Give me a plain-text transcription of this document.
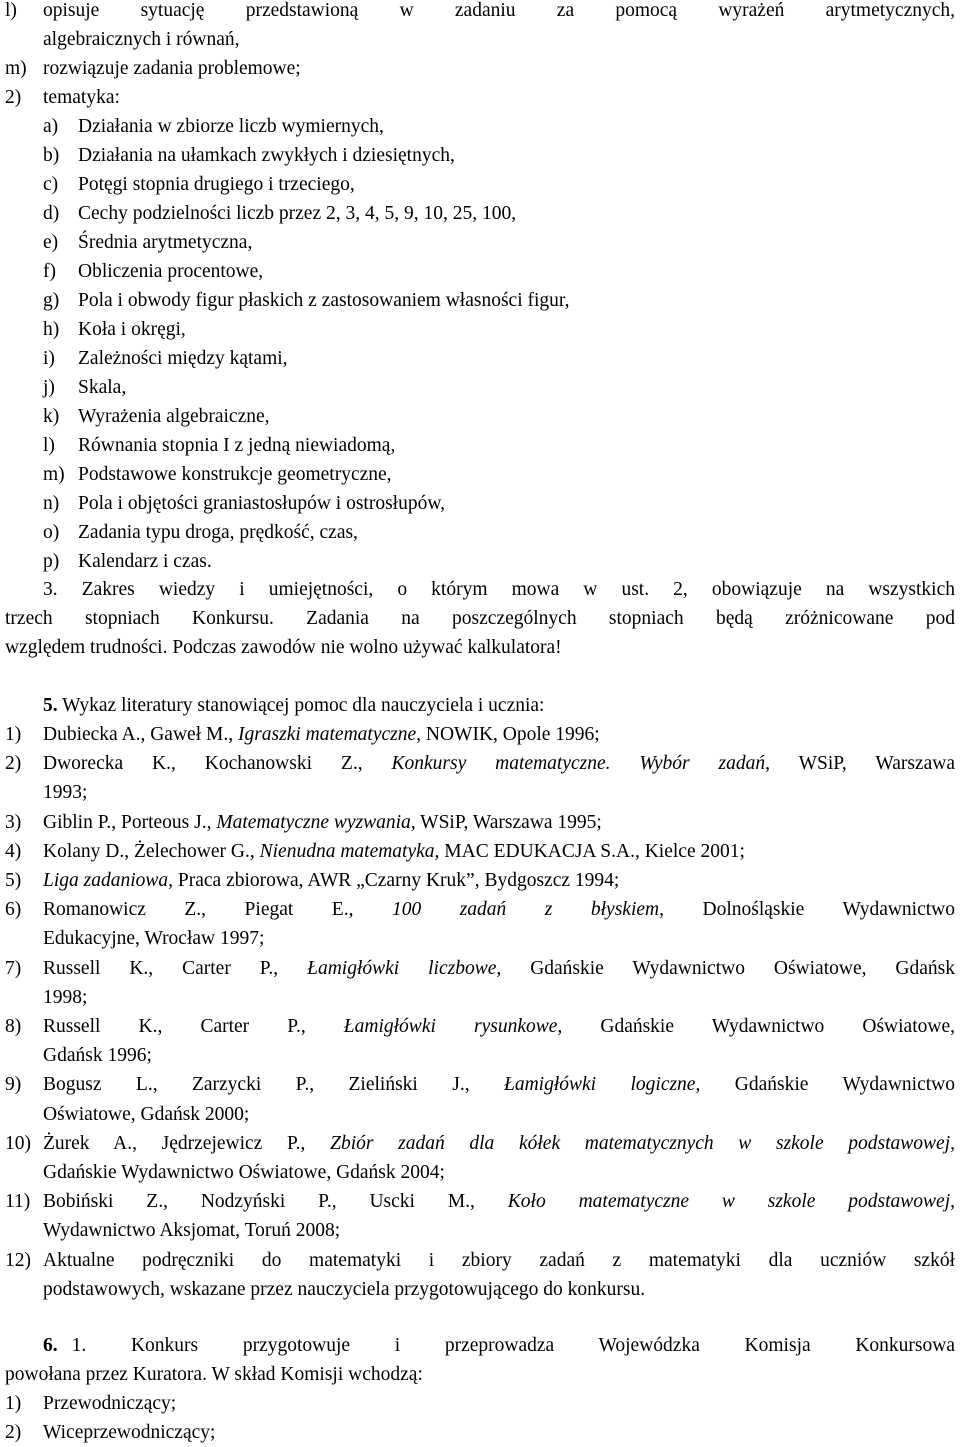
l) opisuje sytuację przedstawioną w zadaniu za pomocą wyrażeń arytmetycznych,
algebraicznych i równań,
m) rozwiązuje zadania problemowe;
2) tematyka:
a) Działania w zbiorze liczb wymiernych,
b) Działania na ułamkach zwykłych i dziesiętnych,
c) Potęgi stopnia drugiego i trzeciego,
d) Cechy podzielności liczb przez 2, 3, 4, 5, 9, 10, 25, 100,
e) Średnia arytmetyczna,
f) Obliczenia procentowe,
g) Pola i obwody figur płaskich z zastosowaniem własności figur,
h) Koła i okręgi,
i) Zależności między kątami,
j) Skala,
k) Wyrażenia algebraiczne,
l) Równania stopnia I z jedną niewiadomą,
m) Podstawowe konstrukcje geometryczne,
n) Pola i objętości graniastosłupów i ostrosłupów,
o) Zadania typu droga, prędkość, czas,
p) Kalendarz i czas.
3. Zakres wiedzy i umiejętności, o którym mowa w ust. 2, obowiązuje na wszystkich
trzech stopniach Konkursu. Zadania na poszczególnych stopniach będą zróżnicowane pod
względem trudności. Podczas zawodów nie wolno używać kalkulatora!
5. Wykaz literatury stanowiącej pomoc dla nauczyciela i ucznia:
1) Dubiecka A., Gaweł M., Igraszki matematyczne, NOWIK, Opole 1996;
2) Dworecka K., Kochanowski Z., Konkursy matematyczne. Wybór zadań, WSiP, Warszawa
1993;
3) Giblin P., Porteous J., Matematyczne wyzwania, WSiP, Warszawa 1995;
4) Kolany D., Żelechower G., Nienudna matematyka, MAC EDUKACJA S.A., Kielce 2001;
5) Liga zadaniowa, Praca zbiorowa, AWR „Czarny Kruk”, Bydgoszcz 1994;
6) Romanowicz Z., Piegat E., 100 zadań z błyskiem, Dolnośląskie Wydawnictwo
Edukacyjne, Wrocław 1997;
7) Russell K., Carter P., Łamigłówki liczbowe, Gdańskie Wydawnictwo Oświatowe, Gdańsk
1998;
8) Russell K., Carter P., Łamigłówki rysunkowe, Gdańskie Wydawnictwo Oświatowe,
Gdańsk 1996;
9) Bogusz L., Zarzycki P., Zieliński J., Łamigłówki logiczne, Gdańskie Wydawnictwo
Oświatowe, Gdańsk 2000;
10) Żurek A., Jędrzejewicz P., Zbiór zadań dla kółek matematycznych w szkole podstawowej,
Gdańskie Wydawnictwo Oświatowe, Gdańsk 2004;
11) Bobiński Z., Nodzyński P., Uscki M., Koło matematyczne w szkole podstawowej,
Wydawnictwo Aksjomat, Toruń 2008;
12) Aktualne podręczniki do matematyki i zbiory zadań z matematyki dla uczniów szkół
podstawowych, wskazane przez nauczyciela przygotowującego do konkursu.
6. 1. Konkurs przygotowuje i przeprowadza Wojewódzka Komisja Konkursowa
powołana przez Kuratora. W skład Komisji wchodzą:
1) Przewodniczący;
2) Wiceprzewodniczący;
